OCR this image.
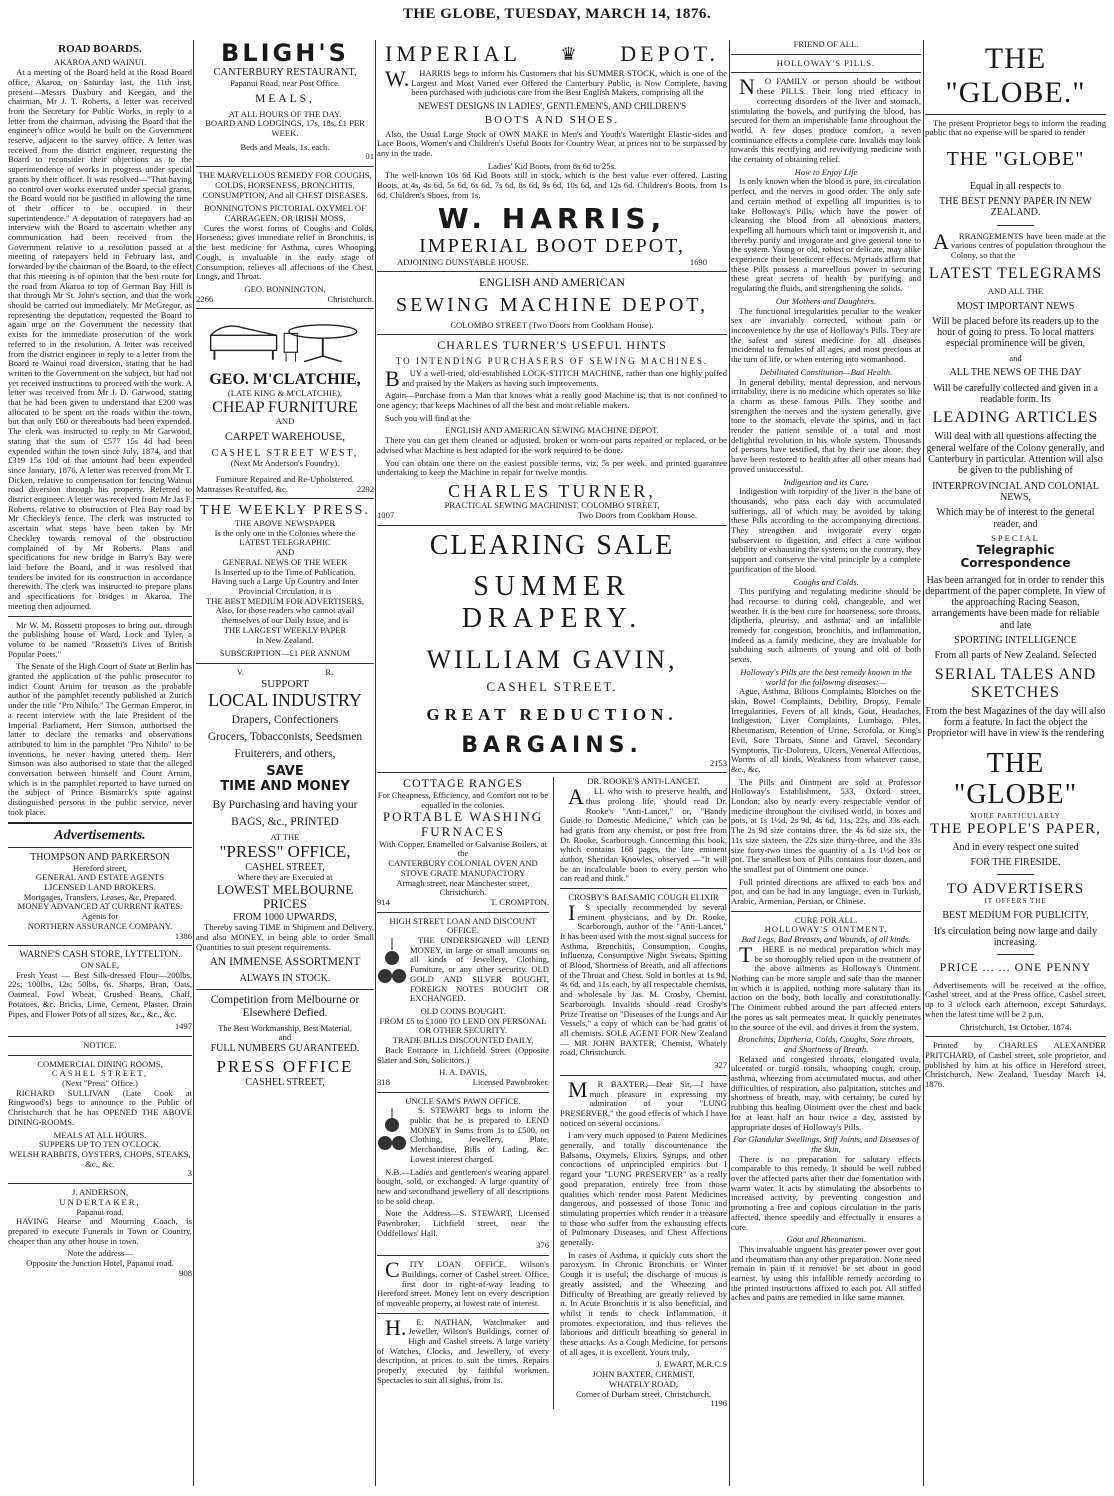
THE GLOBE, TUESDAY, MARCH 14, 1876.
ROAD BOARDS.
AKAROA AND WAINUI.

At a meeting of the Board held at the Road Board office, Akaroa, on Saturday last, the 11th inst, present—Messrs Duxbury and Keegan, and the chairman, Mr J. T. Roberts, a letter was received from the Secretary for Public Works, in reply to a letter from the chairman, advising the Board that the engineer's office would be built on the Government reserve, adjacent to the survey office. A letter was received from the district engineer, requesting the Board to reconsider their objections as to the superintendence of works in progress under special grants by their officer. It was resolved—"That having no control over works executed under special grants, the Board would not be justified in allowing the time of their officer to be occupied in their superintendence." A deputation of ratepayers had an interview with the Board to ascertain whether any communication had been received from the Government relative to a resolution passed at a meeting of ratepayers held in February last, and forwarded by the chairman of the Board, to the effect that this meeting is of opinion that the best route for the road from Akaroa to top of German Bay Hill is that through Mr St. John's section, and that the work should be carried out immediately. Mr McGregor, as representing the deputation, requested the Board to again urge on the Government the necessity that exists for the immediate prosecution of the work referred to in the resolution. A letter was received from the district engineer in reply to a letter from the Board re Wainui road diversion, stating that he had written to the Government on the subject, but had not yet received instructions to proceed with the work. A letter was received from Mr J. D. Garwood, stating that he had been given to understand that £200 was allocated to be spent on the roads within the town, but that only £60 or thereabouts had been expended. The clerk was instructed to reply to Mr Garwood, stating that the sum of £577 15s 4d had been expended within the town since July, 1874, and that £319 15s 10d of that amount had been expended since January, 1876. A letter was received from Mr T. Dicken, relative to compensation for fencing Wainui road diversion through his property. Referred to district engineer. A letter was received from Mr Jas F. Roberts, relative to obstruction of Flea Bay road by Mr Checkley's fence. The clerk was instructed to ascertain what steps have been taken by Mr Checkley towards removal of the obstruction complained of by Mr Roberts. Plans and specifications for new bridge in Barry's Bay were laid before the Board, and it was resolved that tenders be invited for its construction in accordance therewith. The clerk was instructed to prepare plans and specifications for bridges in Akaroa. The meeting then adjourned.

Mr W. M. Rossetti proposes to bring out, through the publishing house of Ward, Lock and Tyler, a volume to be named "Rossetti's Lives of British Popular Poets."

The Senate of the High Court of State at Berlin has granted the application of the public prosecutor to indict Count Arnim for treason as the probable author of the pamphlet recently published at Zurich under the title "Pro Nihilo." The German Emperor, in a recent interview with the late President of the Imperial Parliament, Herr Simson, authorised the latter to declare the remarks and observations attributed to him in the pamphlet "Pro Nihilo" to be inventions, he never having uttered them. Herr Simson was also authorised to state that the alleged conversation between himself and Count Arnim, which is in the pamphlet reported to have turned on the subject of Prince Bismarck's spite against distinguished persons in the public service, never took place.

Advertisements.
THOMPSON AND PARKERSON
Hereford street,
GENERAL AND ESTATE AGENTS
LICENSED LAND BROKERS.
Mortgages, Transfers, Leases, &c, Prepared.
MONEY ADVANCED AT CURRENT RATES.
Agents for
NORTHERN ASSURANCE COMPANY.
1386
WARNE'S CASH STORE, LYTTELTON.
ON SALE,

Fresh Yeast — Best Silk-dressed Flour—200lbs, 22s; 100lbs, 12s; 50lbs, 6s. Sharps, Bran, Oats, Oatmeal, Fowl Wheat, Crushed Beans, Chaff, Potatoes, &c. Bricks, Lime, Cement, Plaster, Drain Pipes, and Flower Pots of all sizes, &c., &c., &c.

1497
NOTICE.
COMMERCIAL DINING ROOMS,
CASHEL STREET,
(Next "Press" Office.)

RICHARD SULLIVAN (Late Cook at Ringwood's) begs to announce to the Public of Christchurch that he has OPENED THE ABOVE DINING-ROOMS.

MEALS AT ALL HOURS.
SUPPERS UP TO TEN O'CLOCK.
WELSH RABBITS, OYSTERS, CHOPS, STEAKS, &c., &c.
3
J. ANDERSON,
UNDERTAKER,
Papanui road.

HAVING Hearse and Mourning Coach, is prepared to execute Funerals in Town or Country, cheaper than any other house in town.

Note the address—
Opposite the Junction Hotel, Papanui road.
908
BLIGH'S
CANTERBURY RESTAURANT,
Papanui Road, near Post Office.
MEALS,
AT ALL HOURS OF THE DAY.
BOARD AND LODGINGS, 17s, 18s, £1 PER WEEK.
Beds and Meals, 1s. each.
01
THE MARVELLOUS REMEDY FOR COUGHS, COLDS, HORSENESS, BRONCHITIS, CONSUMPTION, And all CHEST DISEASES.
BONNINGTON'S PICTORIAL OXYMEL OF CARRAGEEN, OR IRISH MOSS,

Cures the worst forms of Coughs and Colds, Horseness; gives immediate relief in Bronchitis, is the best medicine for Asthma, cures Whooping Cough, is invaluable in the early stage of Consumption, relieves all affections of the Chest, Lungs, and Throat.

GEO. BONNINGTON,
2266	Christchurch.
GEO. M'CLATCHIE,
(LATE KING & M'CLATCHIE),
CHEAP FURNITURE
AND
CARPET WAREHOUSE,
CASHEL STREET WEST,
(Next Mr Anderson's Foundry).
Furniture Repaired and Re-Upholstered.
Mattrasses Re-stuffed, &c.	2292
THE WEEKLY PRESS.
THE ABOVE NEWSPAPER
Is the only one in the Colonies where the
LATEST TELEGRAPHIC
AND
GENERAL NEWS OF THE WEEK
Is Inserted up to the Time of Publication.
Having such a Large Up Country and Inter Provincial Circulation, it is
THE BEST MEDIUM FOR ADVERTISERS,
Also, for those readers who cannot avail themselves of our Daily Issue, and is
THE LARGEST WEEKLY PAPER
In New Zealand.
SUBSCRIPTION—£1 PER ANNUM
V.	R.
SUPPORT
LOCAL INDUSTRY
Drapers, Confectioners
Grocers, Tobacconists, Seedsmen
Fruiterers, and others,
SAVE
TIME AND MONEY
By Purchasing and having your
BAGS, &c., PRINTED
AT THE
"PRESS" OFFICE,
CASHEL STREET,
Where they are Executed at
LOWEST MELBOURNE PRICES
FROM 1000 UPWARDS,

Thereby saving TIME in Shipment and Delivery, and also MONEY, in being able to order Small Quantities to suit present requirements.

AN IMMENSE ASSORTMENT
ALWAYS IN STOCK.
Competition from Melbourne or Elsewhere Defied.
The Best Workmanship, Best Material,
and
FULL NUMBERS GUARANTEED.
PRESS OFFICE
CASHEL STREET,
IMPERIAL ♛ DEPOT.

W.HARRIS begs to inform his Customers that his SUMMER STOCK, which is one of the Largest and Most Varied ever Offered the Canterbury Public, is Now Complete, having been purchased with judicious care from the Best English Makers, comprising all the

NEWEST DESIGNS IN LADIES', GENTLEMEN'S, AND CHILDREN'S
BOOTS AND SHOES.

Also, the Usual Large Stock of OWN MAKE in Men's and Youth's Watertight Elastic-sides and Lace Boots, Women's and Children's Useful Boots for Country Wear, at prices not to be surpassed by any in the trade.

Ladies' Kid Boots, from 8s 6d to 25s.

The well-known 10s 6d Kid Boots still in stock, which is the best value ever offered. Lasting Boots, at 4s, 4s 6d, 5s 6d, 6s 6d, 7s 6d, 8s 6d, 9s 6d, 10s 6d, and 12s 6d. Children's Boots, from 1s 6d. Children's Shoes, from 1s.

W. HARRIS,
IMPERIAL BOOT DEPOT,
ADJOINING DUNSTABLE HOUSE.	1690
ENGLISH AND AMERICAN
SEWING MACHINE DEPOT,
COLOMBO STREET (Two Doors from Cookham House).
CHARLES TURNER'S USEFUL HINTS
TO INTENDING PURCHASERS OF SEWING MACHINES.

BUY a well-tried, old-established LOCK-STITCH MACHINE, rather than one highly puffed and praised by the Makers as having such improvements.

Again—Purchase from a Man that knows what a really good Machine is; that is not confined to one agency; that keeps Machines of all the best and most reliable makers.

Such you will find at the

ENGLISH AND AMERICAN SEWING MACHINE DEPOT.

There you can get them cleaned or adjusted, broken or worn-out parts repaired or replaced, or be advised what Machine is best adapted for the work required to be done.

You can obtain one there on the easiest possible terms, viz, 5s per week, and printed guarantee undertaking to keep the Machine in repair for twelve months.

CHARLES TURNER,
PRACTICAL SEWING MACHINIST, COLOMBO STREET,
1007	Two Doors from Cookham House.
CLEARING SALE
SUMMER DRAPERY.
WILLIAM GAVIN,
CASHEL STREET.
GREAT REDUCTION.
BARGAINS.
2153
COTTAGE RANGES
For Cheapness, Efficiency, and Comfort not to be equalled in the colonies.
PORTABLE WASHING FURNACES
With Copper, Enamelled or Galvanise Boilers, at the
CANTERBURY COLONIAL OVEN AND STOVE GRATE MANUFACTORY
Armagh street, near Manchester street, Christchurch.
914	T. CROMPTON.
HIGH STREET LOAN AND DISCOUNT OFFICE.

THE UNDERSIGNED will LEND MONEY, in large or small amounts on all kinds of Jewellery, Clothing, Furniture, or any other security. OLD GOLD AND SILVER BOUGHT, FOREIGN NOTES BOUGHT OR EXCHANGED.

OLD COINS BOUGHT.
FROM £5 to £1000 TO LEND ON PERSONAL OR OTHER SECURITY.
TRADE BILLS DISCOUNTED DAILY.

Back Entrance in Lichfield Street (Opposite Slater and Son, Solicitors.)

H. A. DAVIS,
318	Licensed Pawnbroker.
UNCLE SAM'S PAWN OFFICE.

S. STEWART begs to inform the public that he is prepared to LEND MONEY in Sums from 1s to £500, on Clothing, Jewellery, Plate, Merchandise, Bills of Lading, &c. Lowest interest charged.

N.B.—Ladies and gentlemen's wearing apparel bought, sold, or exchanged. A large quantity of new and secondhand jewellery of all descriptions to be sold cheap.

Note the Address—S. STEWART, Licensed Pawnbroker, Lichfield street, near the Oddfellows' Hall.

376

CITY LOAN OFFICE, Wilson's Buildings, corner of Cashel street. Office, first door in right-of-way leading to Hereford street. Money lent on every description of moveable property, at lowest rate of interest.

H.E. NATHAN, Watchmaker and Jeweller, Wilson's Buildings, corner of High and Cashel streets. A large variety of Watches, Clocks, and Jewellery, of every description, at prices to suit the times. Repairs properly executed by faithful workmen. Spectacles to suit all sights, from 1s.

DR. ROOKE'S ANTI-LANCET.

ALL who wish to preserve health, and thus prolong life, should read Dr. Rooke's "Anti-Lancet," or, "Handy Guide to Domestic Medicine," which can be had gratis from any chemist, or post free from Dr. Rooke, Scarborough. Concerning this book, which contains 168 pages, the late eminent author, Sheridan Knowles, observed —"It will be an incalculable boon to every person who can read and think."

CROSBY'S BALSAMIC COUGH ELIXIR

IS specially recommended by several eminent physicians, and by Dr. Rooke, Scarborough, author of the "Anti-Lancet." It has been used with the most signal success for Asthma, Bronchitis, Consumption, Coughs, Influenza, Consumptive Night Sweats, Spitting of Blood, Shortness of Breath, and all affections of the Throat and Chest. Sold in bottles at 1s 9d, 4s 6d, and 11s each, by all respectable chemists, and wholesale by Jas. M. Crosby, Chemist, Scarborough. Invalids should read Crosby's Prize Treatise on "Diseases of the Lungs and Air Vessels," a copy of which can be had gratis of all chemists. SOLE AGENT FOR New Zealand — MR JOHN BAXTER, Chemist, Whately road, Christchurch.

327

MR BAXTER,—Dear Sir,—I have much pleasure in expressing my admiration of your "LUNG PRESERVER," the good effects of which I have noticed on several occasions.

I am very much opposed to Patent Medicines generally, and totally discountenance the Balsams, Oxymels, Elixirs, Syrups, and other concoctions of unprincipled empirics but I regard your "LUNG PRESERVER" as a really good preparation, entirely free from those qualities which render most Patent Medicines dangerous, and possessed of those Tonic and stimulating properties which render it a treasure to those who suffer from the exhausting effects of Pulmonary Diseases, and Chest Affections generally.

In cases of Asthma, it quickly cuts short the paroxysm. In Chronic Bronchitis or Winter Cough it is useful; the discharge of mucus is greatly assisted, and the Wheezing and Difficulty of Breathing are greatly relieved by it. In Acute Bronchitis it is also beneficial, and whilst it tends to check Inflammation, it promotes expectoration, and thus relieves the laborious and difficult breathing so general in these attacks. As a Cough Medicine, for persons of all ages, it is excellent. Yours truly,

J. EWART, M.R.C.S
JOHN BAXTER, CHEMIST,
WHATELY ROAD,
Corner of Durham street, Christchurch.
1196
FRIEND OF ALL.
HOLLOWAY'S PILLS.

NO FAMILY or person should be without these PILLS. Their long tried efficacy in correcting disorders of the liver and stomach, stimulating the bowels, and purifying the blood, has secured for them an imperishable fame throughout the world. A few doses produce comfort, a seven continuance effects a complete cure. Invalids may look towards this rectifying and revivifying medicine with the certainty of obtaining relief.

How to Enjoy Life

Is only known when the blood is pure, its circulation perfect, and the nerves in good order. The only safe and certain method of expelling all impurities is to take Holloway's Pills, which have the power of cleansing the blood from all obnoxious matters, expelling all humours which taint or impoverish it, and thereby purify and invigorate and give general tone to the system. Young or old, robust or delicate, may alike experience their beneficent effects. Myriads affirm that these Pills possess a marvellous power in securing these great secrets of health by purifying and regulating the fluids, and strengthening the solids.

Our Mothers and Daughters.

The functional irregularities peculiar to the weaker sex are invariably corrected, without pain or inconvenience by the use of Holloway's Pills. They are the safest and surest medicine for all diseases incidental to females of all ages, and most precious at the turn of life, or when entering into womanhood.

Debilitated Constitution—Bad Health.

In general debility, mental depression, and nervous irritability, there is no medicine which operates so like a charm as these famous Pills. They soothe and strengthen the nerves and the system generally, give tone to the stomach, elevate the spirits, and in fact render the patient sensible of a total and most delightful revolution in his whole system. Thousands of persons have testified, that by their use alone, they have been restored to health after all other means had proved unsuccessful.

Indigestion and its Cure.

Indigestion with torpidity of the liver is the bane of thousands, who pass each day with accumulated sufferings, all of which may be avoided by taking these Pills according to the accompanying directions. They strengthen and invigorate every organ subservient to digestion, and effect a cure without debility or exhausting the system; on the contrary, they support and conserve the vital principle by a complete purification of the blood.

Coughs and Colds.

This purifying and regulating medicine should be had recourse to during cold, changeable, and wet weather. It is the best cure for hoarseness, sore throats, diptheria, pleurisy, and asthma; and an infallible remedy for congestion, bronchitis, and inflammation, indeed as a family medicine, they are invaluable for subduing such ailments of young and old of both sexes.

Holloway's Pills are the best remedy known in the world for the following diseases:—

Ague, Asthma, Bilious Complaints, Blotches on the skin, Bowel Complaints, Debility, Dropsy, Female Irregularities, Fevers of all kinds, Gout, Headaches, Indigestion, Liver Complaints, Lumbago, Piles, Rheumatism, Retention of Urine, Scrofula, or King's Evil, Sore Throats, Stone and Gravel, Secondary Symptoms, Tic-Doloreux, Ulcers, Venereal Affections, Worms of all kinds, Weakness from whatever cause, &c., &c.

The Pills and Ointment are sold at Professor Holloway's Establishment, 533, Oxford street, London; also by nearly every respectable vendor of medicine throughout the civilised world, in boxes and pots, at 1s 1½d, 2s 9d, 4s 6d, 11s, 22s, and 33s each. The 2s 9d size contains three, the 4s 6d size six, the 11s size sixteen, the 22s size thirty-three, and the 33s size forty-two times the quantity of a 1s 1½d box or pot. The smallest box of Pills contains four dozen, and the smallest pot of Ointment one ounce.

Full printed directions are affixed to each box and pot, and can be had in any language, even in Turkish, Arabic, Armenian, Persian, or Chinese.

CURE FOR ALL.
HOLLOWAY'S OINTMENT.
Bad Legs, Bad Breasts, and Wounds, of all kinds.

THERE is no medical preparation which may be so thoroughly relied upon in the treatment of the above ailments as Holloway's Ointment. Nothing can be more simple and safe than the manner in which it is applied, nothing more salutary than its action on the body, both locally and constitutionally. The Ointment rubbed around the part affected enters the pores as salt permeates meat. It quickly penetrates to the source of the evil, and drives it from the system.

Bronchitis, Diptheria, Colds, Coughs, Sore throats, and Shortness of Breath.

Relaxed and congested throats, elongated uvula, ulcerated or turgid tonsils, whooping cough, croup, asthma, wheezing from accumulated mucus, and other difficulties of respiration, also palpitation, stitches and shortness of breath, may, with certainty, be cured by rubbing this healing Ointment over the chest and back for at least half an hour twice a day, assisted by appropriate doses of Holloway's Pills.

For Glandular Swellings, Stiff Joints, and Diseases of the Skin,

There is no preparation for salutary effects comparable to this remedy. It should be well rubbed over the affected parts after their due fomentation with warm water. It acts by stimulating the absorbents to increased activity, by preventing congestion and promoting a free and copious circulation in the parts affected, thence speedily and effectually it ensures a cure.

Gout and Rheumatism.

This invaluable unguent has greater power over gout and rheumatism than any other preparation. None need remain in pain if it remove! be set about in good earnest, by using this infallible remedy according to the printed instructions affixed to each pot. All stiffed aches and pains are remedied in like same manner.

THE "GLOBE."

The present Proprietor begs to inform the reading public that no expense will be spared to render

THE "GLOBE"
Equal in all respects to
THE BEST PENNY PAPER IN NEW ZEALAND.

ARRANGEMENTS have been made at the various centres of population throughout the Colony, so that the

LATEST TELEGRAMS
AND ALL THE
MOST IMPORTANT NEWS
Will be placed before its readers up to the hour of going to press. To local matters especial prominence will be given,
and
ALL THE NEWS OF THE DAY
Will be carefully collected and given in a readable form. Its
LEADING ARTICLES
Will deal with all questions affecting the general welfare of the Colony generally, and Canterbury in particular. Attention will also be given to the publishing of
INTERPROVINCIAL AND COLONIAL NEWS,
Which may be of interest to the general reader, and
SPECIAL
Telegraphic Correspondence
Has been arranged for in order to render this department of the paper complete. In view of the approaching Racing Season, arrangements have been made for reliable and late
SPORTING INTELLIGENCE
From all parts of New Zealand. Selected
SERIAL TALES AND SKETCHES
From the best Magazines of the day will also form a feature. In fact the object the Proprietor will have in view is the rendering
THE "GLOBE"
MORE PARTICULARLY
THE PEOPLE'S PAPER,
And in every respect one suited
FOR THE FIRESIDE.
TO ADVERTISERS
IT OFFERS THE
BEST MEDIUM FOR PUBLICITY,
It's circulation being now large and daily increasing.
PRICE ... ... ONE PENNY

Advertisements will be received at the office, Cashel street, and at the Press office, Cashel street, up to 3 o'clock each afternoon, except Saturdays, when the latest time will be 2 p.m.

Christchurch, 1st October, 1874.

Printed by CHARLES ALEXANDER PRITCHARD, of Cashel street, sole proprietor, and published by him at his office in Hereford street, Christchurch, New Zealand, Tuesday March 14, 1876.
